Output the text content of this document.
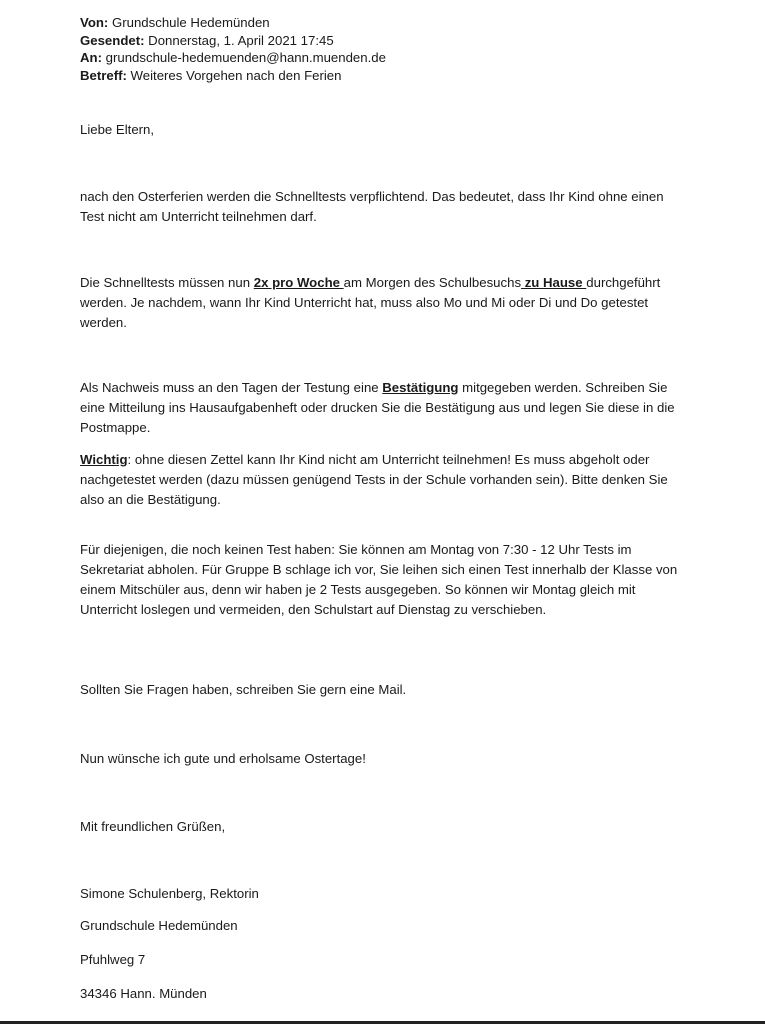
Von: Grundschule Hedemünden
Gesendet: Donnerstag, 1. April 2021 17:45
An: grundschule-hedemuenden@hann.muenden.de
Betreff: Weiteres Vorgehen nach den Ferien

Liebe Eltern,

nach den Osterferien werden die Schnelltests verpflichtend. Das bedeutet, dass Ihr Kind ohne einen Test nicht am Unterricht teilnehmen darf.

Die Schnelltests müssen nun 2x pro Woche am Morgen des Schulbesuchs zu Hause durchgeführt werden. Je nachdem, wann Ihr Kind Unterricht hat, muss also Mo und Mi oder Di und Do getestet werden.

Als Nachweis muss an den Tagen der Testung eine Bestätigung mitgegeben werden. Schreiben Sie eine Mitteilung ins Hausaufgabenheft oder drucken Sie die Bestätigung aus und legen Sie diese in die Postmappe.

Wichtig: ohne diesen Zettel kann Ihr Kind nicht am Unterricht teilnehmen! Es muss abgeholt oder nachgetestet werden (dazu müssen genügend Tests in der Schule vorhanden sein). Bitte denken Sie also an die Bestätigung.

Für diejenigen, die noch keinen Test haben: Sie können am Montag von 7:30 - 12 Uhr Tests im Sekretariat abholen. Für Gruppe B schlage ich vor, Sie leihen sich einen Test innerhalb der Klasse von einem Mitschüler aus, denn wir haben je 2 Tests ausgegeben. So können wir Montag gleich mit Unterricht loslegen und vermeiden, den Schulstart auf Dienstag zu verschieben.

Sollten Sie Fragen haben, schreiben Sie gern eine Mail.

Nun wünsche ich gute und erholsame Ostertage!

Mit freundlichen Grüßen,

Simone Schulenberg, Rektorin

Grundschule Hedemünden

Pfuhlweg 7

34346 Hann. Münden
